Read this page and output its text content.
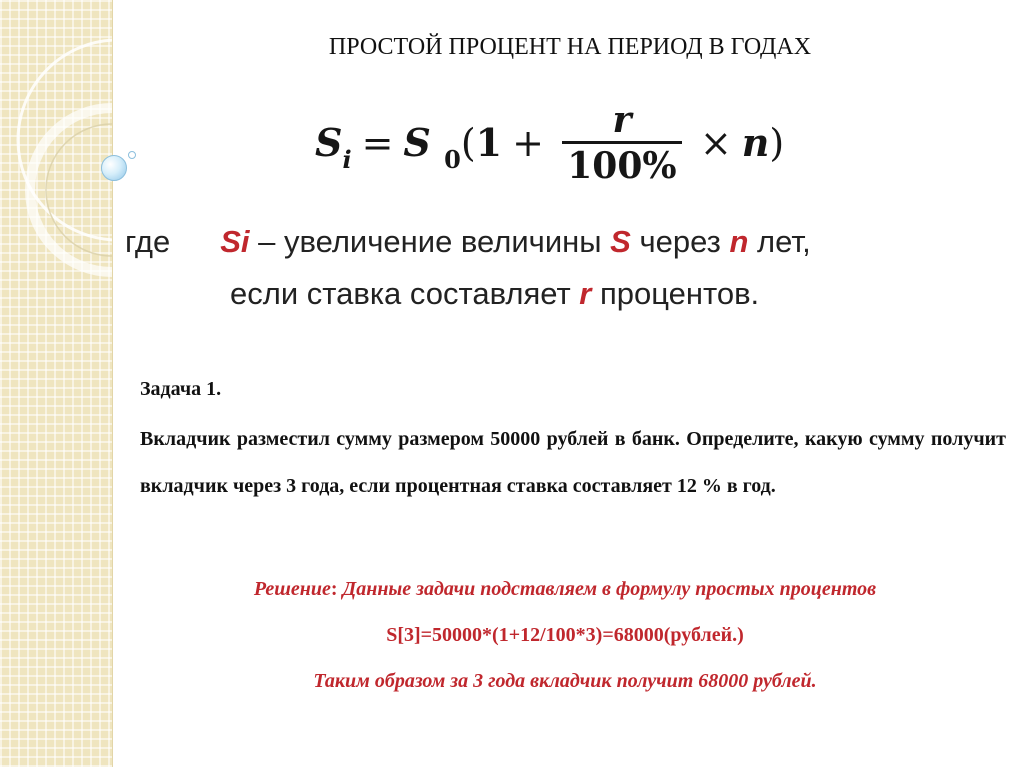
ПРОСТОЙ ПРОЦЕНТ НА ПЕРИОД В ГОДАХ
$S_i = S$ $_0$ ( $1 + \frac{r}{100\%} \times n$ )
где Si – увеличение величины S через n лет,
если ставка составляет r процентов.
Задача 1.
Вкладчик разместил сумму размером 50000 рублей в банк. Определите, какую сумму получит вкладчик через 3 года, если процентная ставка составляет 12 % в год.
Решение: Данные задачи подставляем в формулу простых процентов
S[3]=50000*(1+12/100*3)=68000(рублей.)
Таким образом за 3 года вкладчик получит 68000 рублей.
